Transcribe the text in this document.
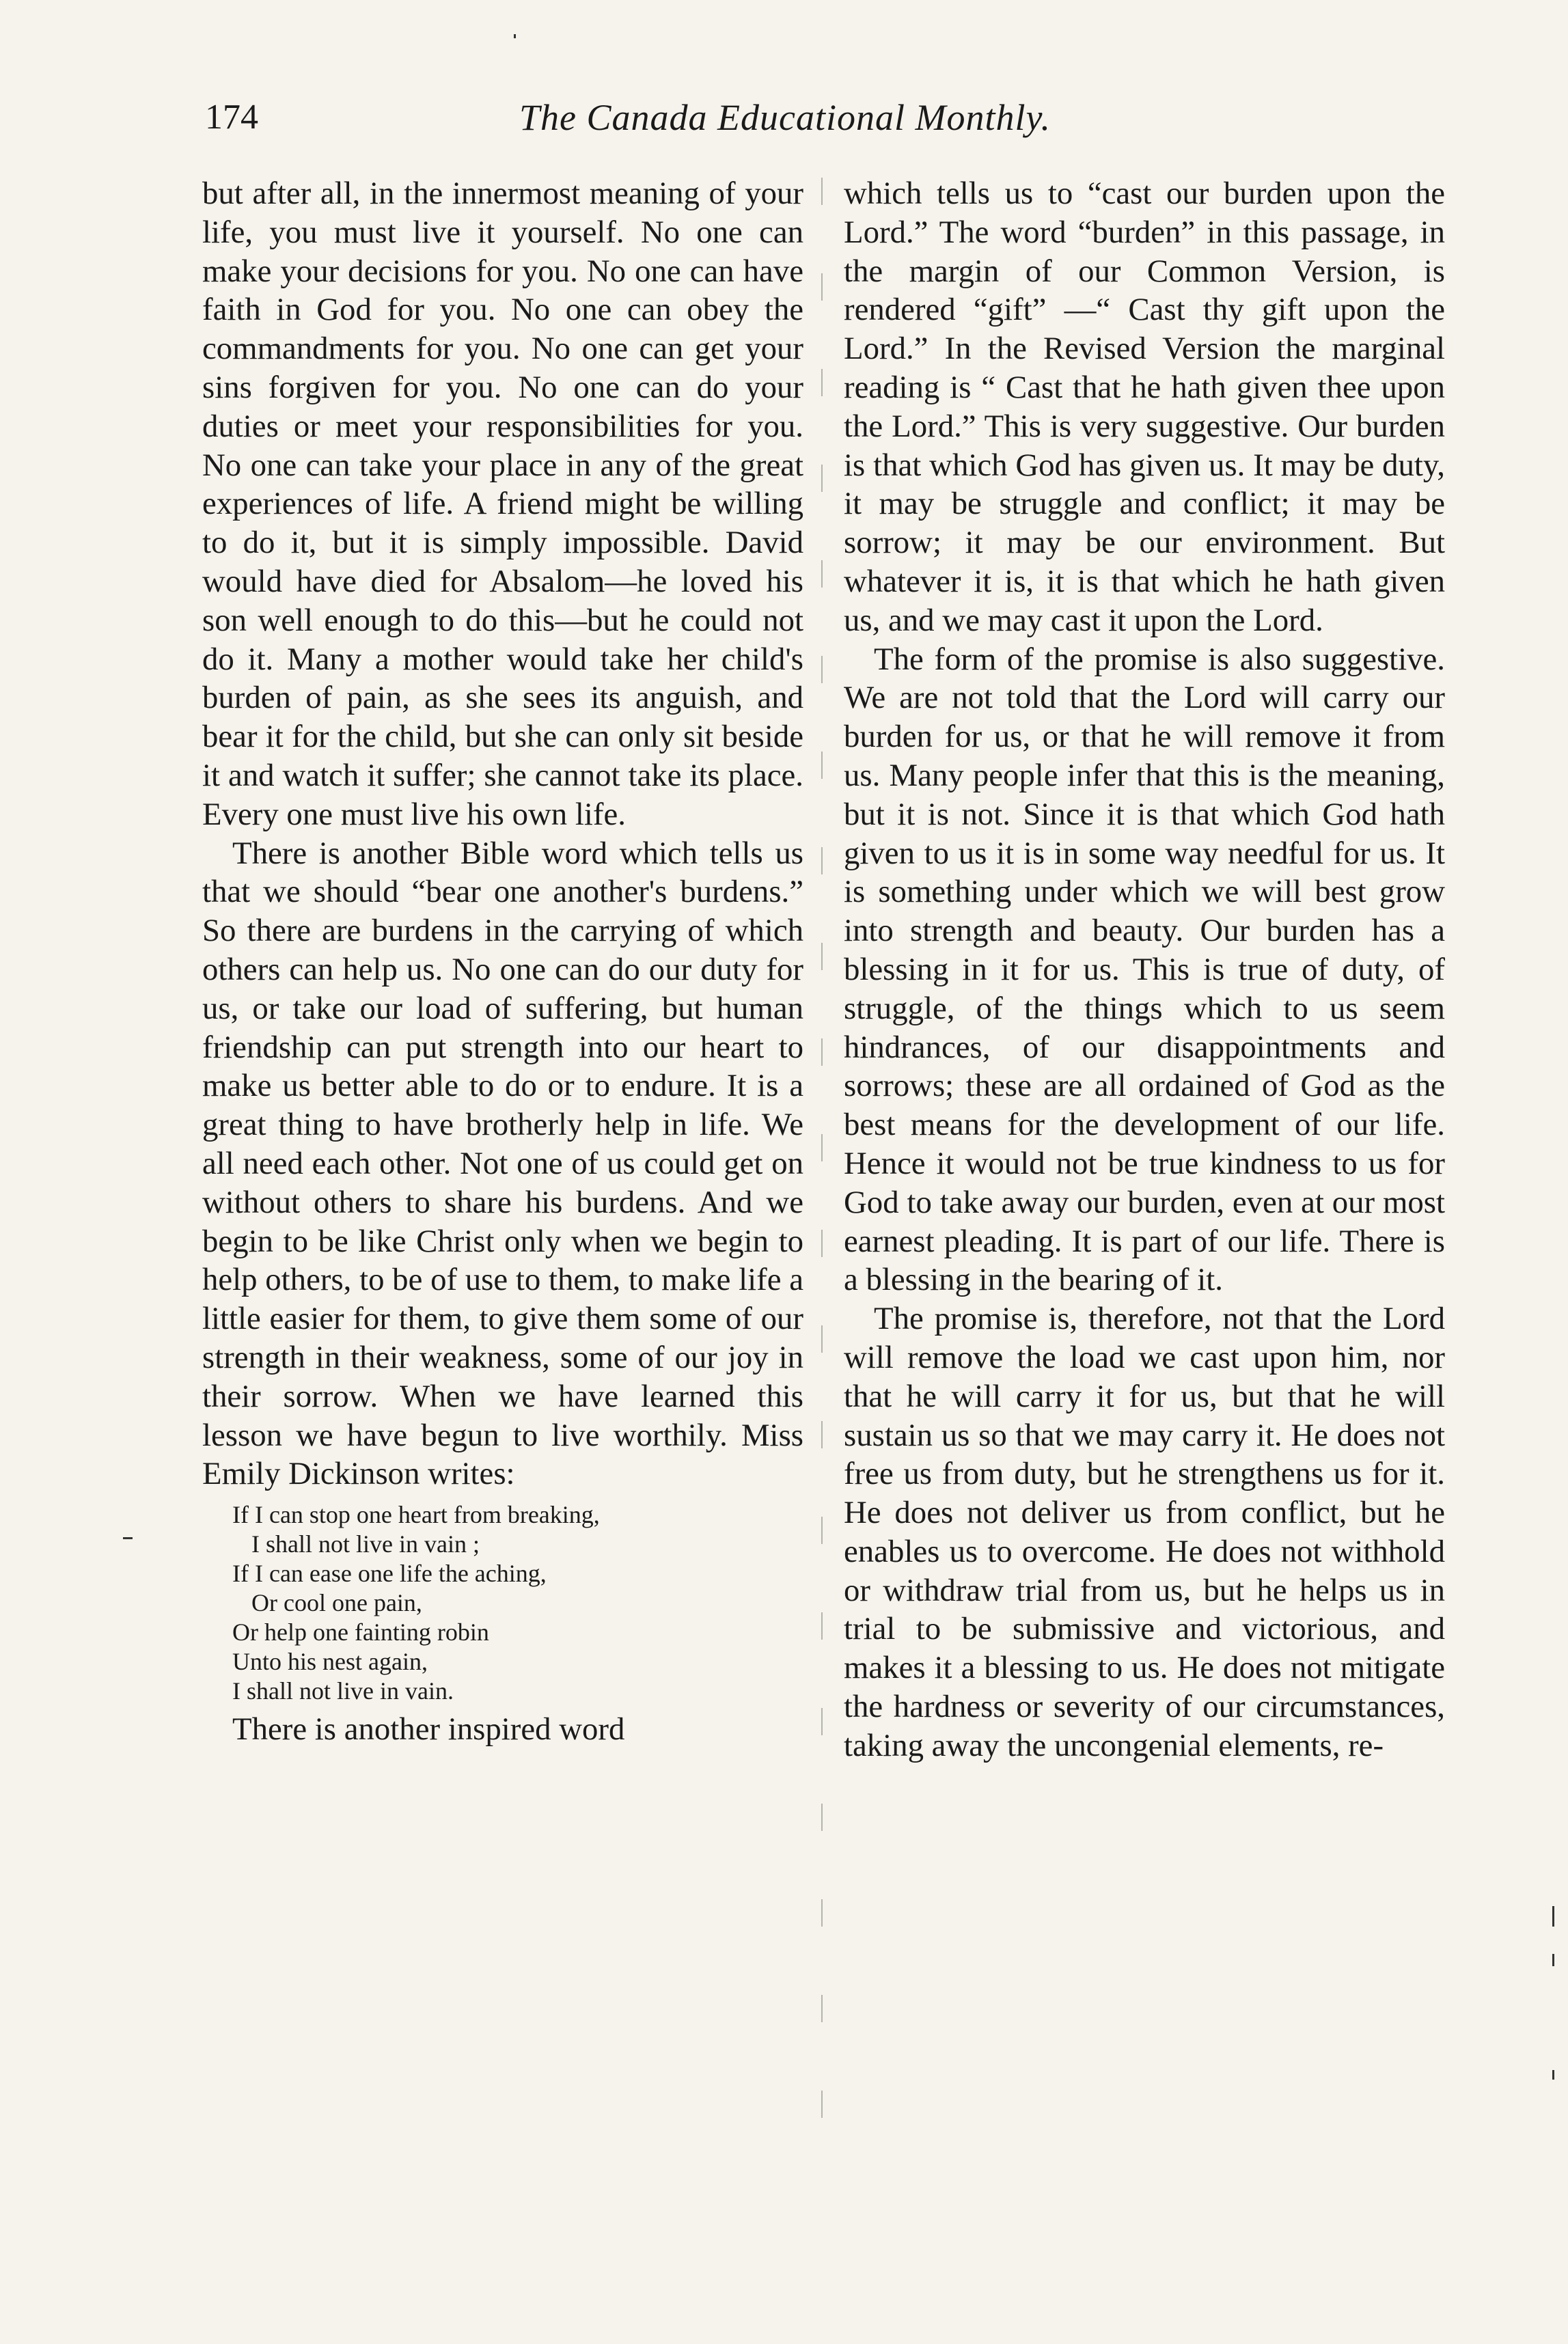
174	The Canada Educational Monthly.

but after all, in the innermost meaning of your life, you must live it yourself. No one can make your decisions for you. No one can have faith in God for you. No one can obey the commandments for you. No one can get your sins forgiven for you. No one can do your duties or meet your responsibilities for you. No one can take your place in any of the great experiences of life. A friend might be willing to do it, but it is simply impossible. David would have died for Absalom—he loved his son well enough to do this—but he could not do it. Many a mother would take her child's burden of pain, as she sees its anguish, and bear it for the child, but she can only sit beside it and watch it suffer; she cannot take its place. Every one must live his own life.

There is another Bible word which tells us that we should “bear one another's burdens.” So there are burdens in the carrying of which others can help us. No one can do our duty for us, or take our load of suffering, but human friendship can put strength into our heart to make us better able to do or to endure. It is a great thing to have brotherly help in life. We all need each other. Not one of us could get on without others to share his burdens. And we begin to be like Christ only when we begin to help others, to be of use to them, to make life a little easier for them, to give them some of our strength in their weakness, some of our joy in their sorrow. When we have learned this lesson we have begun to live worthily. Miss Emily Dickinson writes:

If I can stop one heart from breaking,
I shall not live in vain ;
If I can ease one life the aching,
Or cool one pain,
Or help one fainting robin
Unto his nest again,
I shall not live in vain.

There is another inspired word

which tells us to “cast our burden upon the Lord.” The word “burden” in this passage, in the margin of our Common Version, is rendered “gift” —“ Cast thy gift upon the Lord.” In the Revised Version the marginal reading is “ Cast that he hath given thee upon the Lord.” This is very suggestive. Our burden is that which God has given us. It may be duty, it may be struggle and conflict; it may be sorrow; it may be our environment. But whatever it is, it is that which he hath given us, and we may cast it upon the Lord.

The form of the promise is also suggestive. We are not told that the Lord will carry our burden for us, or that he will remove it from us. Many people infer that this is the meaning, but it is not. Since it is that which God hath given to us it is in some way needful for us. It is something under which we will best grow into strength and beauty. Our burden has a blessing in it for us. This is true of duty, of struggle, of the things which to us seem hindrances, of our disappointments and sorrows; these are all ordained of God as the best means for the development of our life. Hence it would not be true kindness to us for God to take away our burden, even at our most earnest pleading. It is part of our life. There is a blessing in the bearing of it.

The promise is, therefore, not that the Lord will remove the load we cast upon him, nor that he will carry it for us, but that he will sustain us so that we may carry it. He does not free us from duty, but he strengthens us for it. He does not deliver us from conflict, but he enables us to overcome. He does not withhold or withdraw trial from us, but he helps us in trial to be submissive and victorious, and makes it a blessing to us. He does not mitigate the hardness or severity of our circumstances, taking away the uncongenial elements, re-
